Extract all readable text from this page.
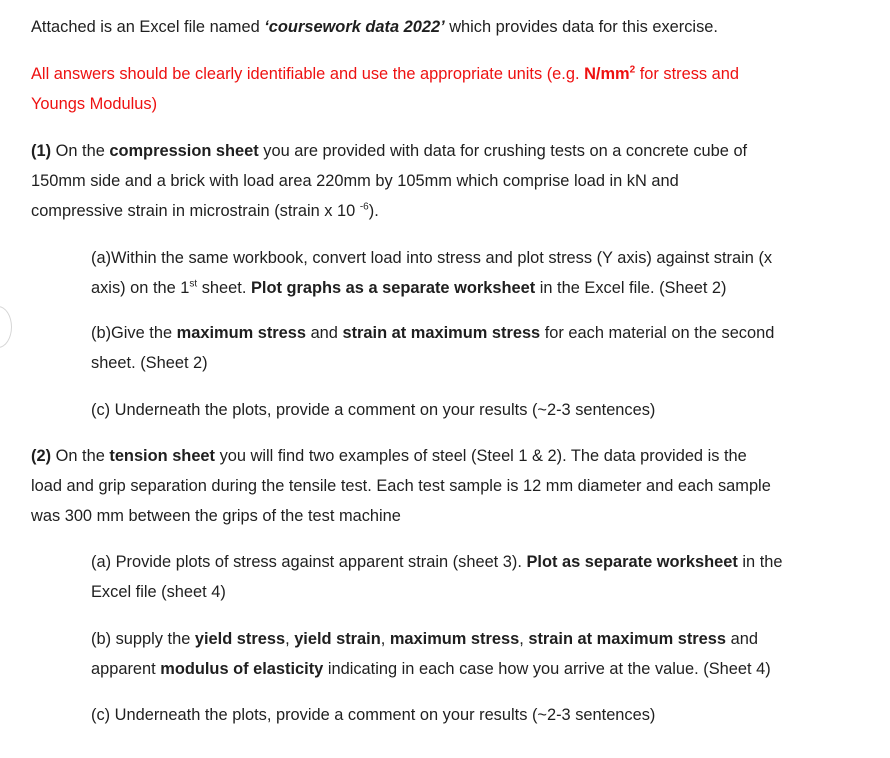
Attached is an Excel file named ‘coursework data 2022’ which provides data for this exercise.

All answers should be clearly identifiable and use the appropriate units (e.g. $N/mm^2$ for stress and

Youngs Modulus)

(1) On the compression sheet you are provided with data for crushing tests on a concrete cube of

150mm side and a brick with load area 220mm by 105mm which comprise load in kN and

compressive strain in microstrain (strain x 10 $^{-6}$).

(a)Within the same workbook, convert load into stress and plot stress (Y axis) against strain (x

axis) on the 1st sheet. Plot graphs as a separate worksheet in the Excel file. (Sheet 2)

(b)Give the maximum stress and strain at maximum stress for each material on the second

sheet. (Sheet 2)

(c) Underneath the plots, provide a comment on your results (~2-3 sentences)

(2) On the tension sheet you will find two examples of steel (Steel 1 & 2). The data provided is the

load and grip separation during the tensile test. Each test sample is 12 mm diameter and each sample

was 300 mm between the grips of the test machine

(a) Provide plots of stress against apparent strain (sheet 3). Plot as separate worksheet in the

Excel file (sheet 4)

(b) supply the yield stress, yield strain, maximum stress, strain at maximum stress and

apparent modulus of elasticity indicating in each case how you arrive at the value. (Sheet 4)

(c) Underneath the plots, provide a comment on your results (~2-3 sentences)
